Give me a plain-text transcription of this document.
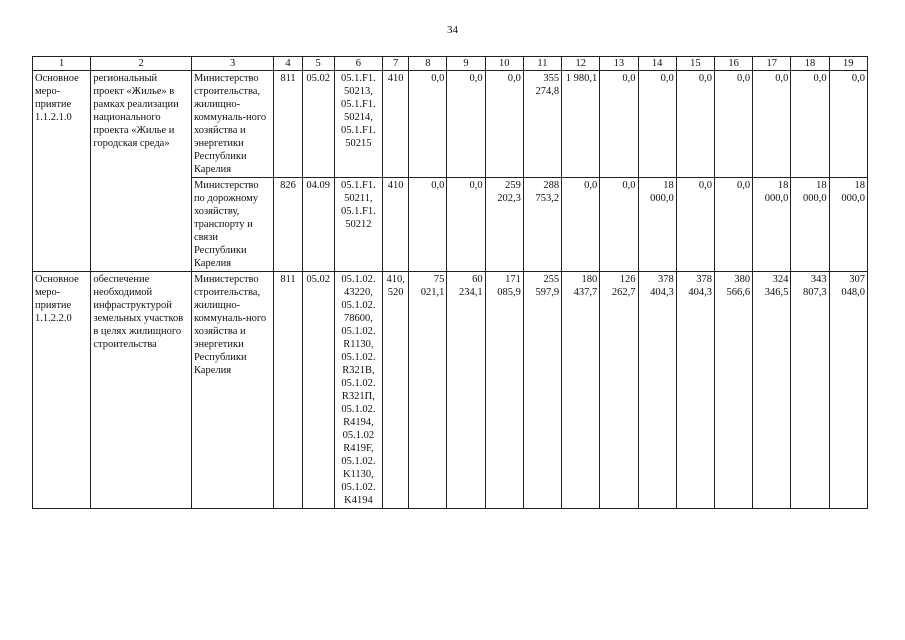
34
1	2	3	4	5	6	7	8	9	10	11	12	13	14	15	16	17	18	19
Основное меро-приятие 1.1.2.1.0	региональный проект «Жилье» в рамках реализации национального проекта «Жилье и городская среда»	Министерство строительства, жилищно-коммуналь-ного хозяйства и энергетики Республики Карелия	811	05.02	05.1.F1. 50213, 05.1.F1. 50214, 05.1.F1. 50215	410	0,0	0,0	0,0	355 274,8	1 980,1	0,0	0,0	0,0	0,0	0,0	0,0	0,0
		Министерство по дорожному хозяйству, транспорту и связи Республики Карелия	826	04.09	05.1.F1. 50211, 05.1.F1. 50212	410	0,0	0,0	259 202,3	288 753,2	0,0	0,0	18 000,0	0,0	0,0	18 000,0	18 000,0	18 000,0
Основное меро-приятие 1.1.2.2.0	обеспечение необходимой инфраструктурой земельных участков в целях жилищного строительства	Министерство строительства, жилищно-коммуналь-ного хозяйства и энергетики Республики Карелия	811	05.02	05.1.02. 43220, 05.1.02. 78600, 05.1.02. R1130, 05.1.02. R321B, 05.1.02. R321П, 05.1.02. R4194, 05.1.02 R419F, 05.1.02. K1130, 05.1.02. K4194	410, 520	75 021,1	60 234,1	171 085,9	255 597,9	180 437,7	126 262,7	378 404,3	378 404,3	380 566,6	324 346,5	343 807,3	307 048,0
